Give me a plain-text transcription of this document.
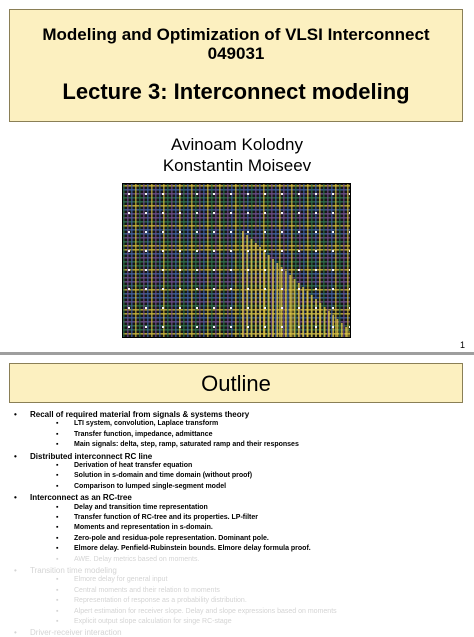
Modeling and Optimization of VLSI Interconnect

049031

Lecture 3: Interconnect modeling

Avinoam Kolodny
Konstantin Moiseev
1
Outline
• Recall of required material from signals & systems theory
▪ LTI system, convolution, Laplace transform
▪ Transfer function, impedance, admittance
▪ Main signals: delta, step, ramp, saturated ramp and their responses
• Distributed interconnect RC line
▪ Derivation of heat transfer equation
▪ Solution in s-domain and time domain (without proof)
▪ Comparison to lumped single-segment model
• Interconnect as an RC-tree
▪ Delay and transition time representation
▪ Transfer function of RC-tree and its properties. LP-filter
▪ Moments and representation in s-domain.
▪ Zero-pole and residua-pole representation. Dominant pole.
▪ Elmore delay. Penfield-Rubinstein bounds. Elmore delay formula proof.
▪ AWE. Delay metrics based on moments.
• Transition time modeling
▪ Elmore delay for general input
▪ Central moments and their relation to moments
▪ Representation of response as a probability distribution.
▪ Alpert estimation for receiver slope. Delay and slope expressions based on moments
▪ Explicit output slope calculation for singe RC-stage
• Driver-receiver interaction
